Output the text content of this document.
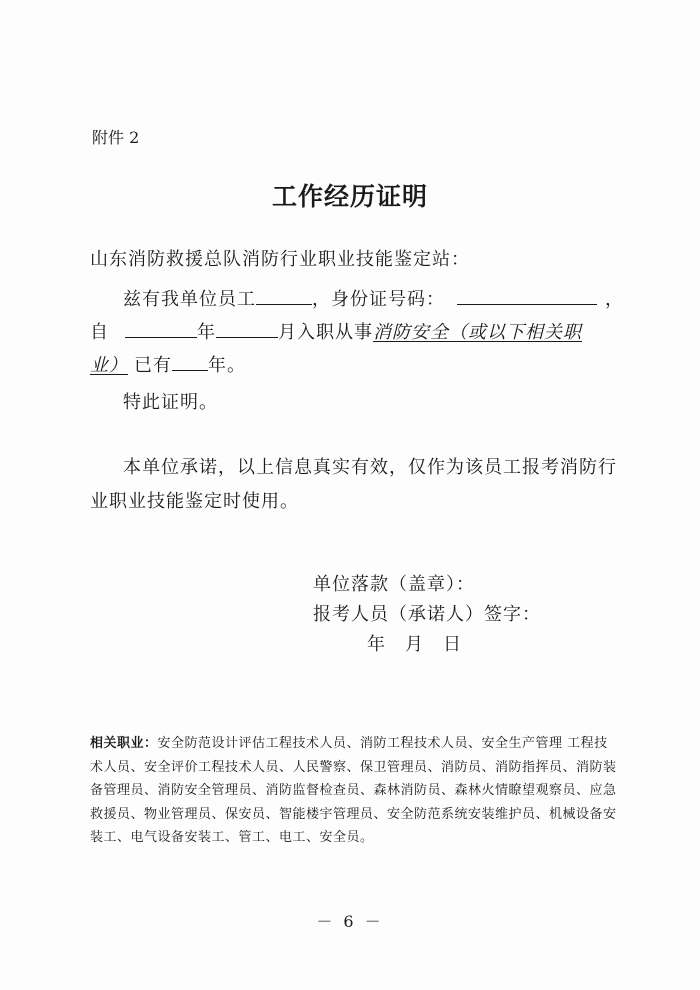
附件 2
工作经历证明
山东消防救援总队消防行业职业技能鉴定站：
兹有我单位员工	，身份证号码：	，
自	年	月入职从事消防安全（或以下相关职
业） 已有 年。
特此证明。
本单位承诺，以上信息真实有效，仅作为该员工报考消防行
业职业技能鉴定时使用。
单位落款（盖章）：
报考人员（承诺人）签字：
年　月　日
相关职业：安全防范设计评估工程技术人员、消防工程技术人员、安全生产管理 工程技术人员、安全评价工程技术人员、人民警察、保卫管理员、消防员、消防指挥员、消防装备管理员、消防安全管理员、消防监督检查员、森林消防员、森林火情瞭望观察员、应急救援员、物业管理员、保安员、智能楼宇管理员、安全防范系统安装维护员、机械设备安装工、电气设备安装工、管工、电工、安全员。
－ 6 －
